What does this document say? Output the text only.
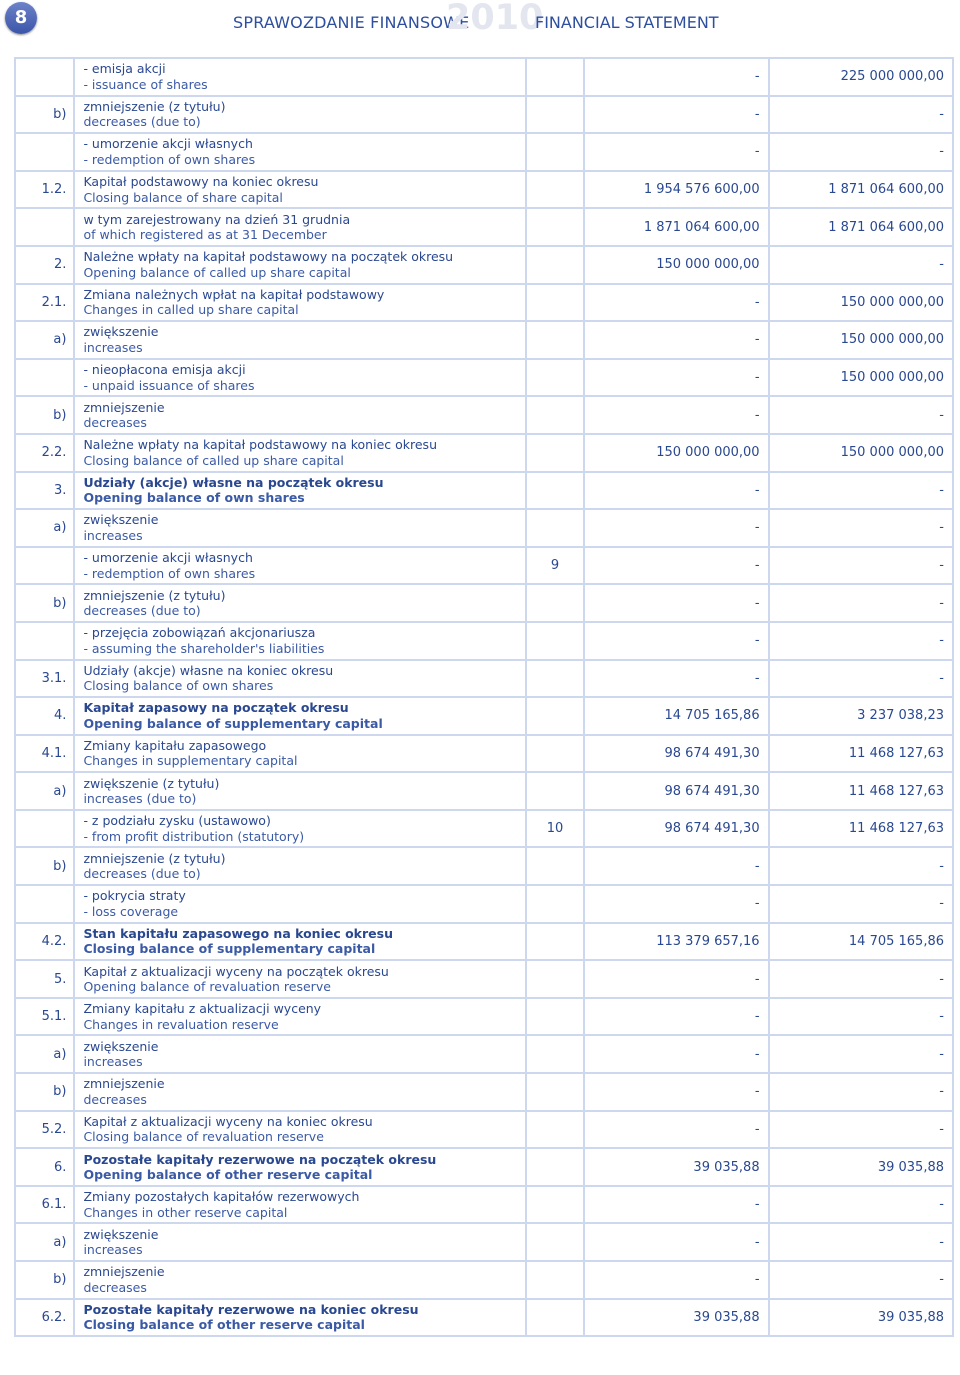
8	SPRAWOZDANIE FINANSOWE
2010
FINANCIAL STATEMENT

	- emisja akcji
- issuance of shares		-	225 000 000,00
b)	zmniejszenie (z tytułu)
decreases (due to)		-	-

	- umorzenie akcji własnych
- redemption of own shares		-	-
1.2.	Kapitał podstawowy na koniec okresu
Closing balance of share capital		1 954 576 600,00	1 871 064 600,00

	w tym zarejestrowany na dzień 31 grudnia
of which registered as at 31 December		1 871 064 600,00	1 871 064 600,00
2.	Należne wpłaty na kapitał podstawowy na początek okresu
Opening balance of called up share capital		150 000 000,00	-
2.1.	Zmiana należnych wpłat na kapitał podstawowy
Changes in called up share capital		-	150 000 000,00
a)	zwiększenie
increases		-	150 000 000,00

	- nieopłacona emisja akcji
- unpaid issuance of shares		-	150 000 000,00
b)	zmniejszenie
decreases		-	-
2.2.	Należne wpłaty na kapitał podstawowy na koniec okresu
Closing balance of called up share capital		150 000 000,00	150 000 000,00
3.	Udziały (akcje) własne na początek okresu
Opening balance of own shares		-	-
a)	zwiększenie
increases		-	-

	- umorzenie akcji własnych
- redemption of own shares	9	-	-
b)	zmniejszenie (z tytułu)
decreases (due to)		-	-

	- przejęcia zobowiązań akcjonariusza
- assuming the shareholder's liabilities		-	-
3.1.	Udziały (akcje) własne na koniec okresu
Closing balance of own shares		-	-
4.	Kapitał zapasowy na początek okresu
Opening balance of supplementary capital		14 705 165,86	3 237 038,23
4.1.	Zmiany kapitału zapasowego
Changes in supplementary capital		98 674 491,30	11 468 127,63
a)	zwiększenie (z tytułu)
increases (due to)		98 674 491,30	11 468 127,63

	- z podziału zysku (ustawowo)
- from profit distribution (statutory)	10	98 674 491,30	11 468 127,63
b)	zmniejszenie (z tytułu)
decreases (due to)		-	-

	- pokrycia straty
- loss coverage		-	-
4.2.	Stan kapitału zapasowego na koniec okresu
Closing balance of supplementary capital		113 379 657,16	14 705 165,86
5.	Kapitał z aktualizacji wyceny na początek okresu
Opening balance of revaluation reserve		-	-
5.1.	Zmiany kapitału z aktualizacji wyceny
Changes in revaluation reserve		-	-
a)	zwiększenie
increases		-	-
b)	zmniejszenie
decreases		-	-
5.2.	Kapitał z aktualizacji wyceny na koniec okresu
Closing balance of revaluation reserve		-	-
6.	Pozostałe kapitały rezerwowe na początek okresu
Opening balance of other reserve capital		39 035,88	39 035,88
6.1.	Zmiany pozostałych kapitałów rezerwowych
Changes in other reserve capital		-	-
a)	zwiększenie
increases		-	-
b)	zmniejszenie
decreases		-	-
6.2.	Pozostałe kapitały rezerwowe na koniec okresu
Closing balance of other reserve capital		39 035,88	39 035,88
